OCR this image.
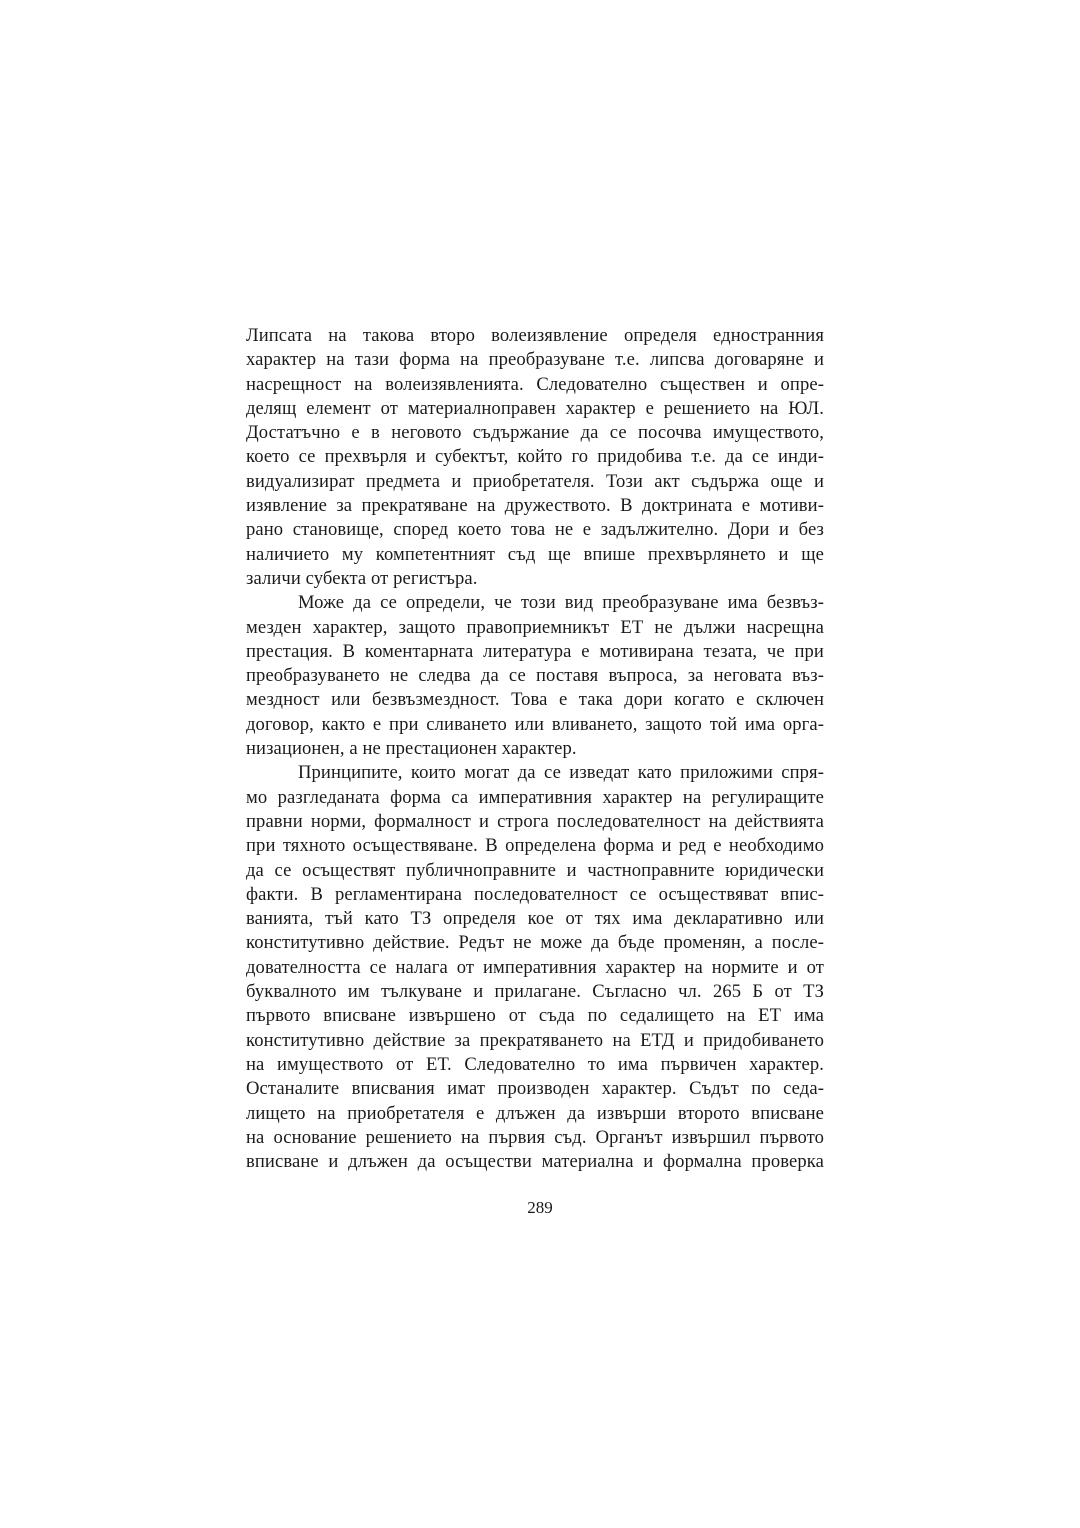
Липсата на такова второ волеизявление определя едностранния
характер на тази форма на преобразуване т.е. липсва договаряне и
насрещност на волеизявленията. Следователно съществен и опре-
делящ елемент от материалноправен характер е решението на ЮЛ.
Достатъчно е в неговото съдържание да се посочва имуществото,
което се прехвърля и субектът, който го придобива т.е. да се инди-
видуализират предмета и приобретателя. Този акт съдържа още и
изявление за прекратяване на дружеството. В доктрината е мотиви-
рано становище, според което това не е задължително. Дори и без
наличието му компетентният съд ще впише прехвърлянето и ще
заличи субекта от регистъра.
Може да се определи, че този вид преобразуване има безвъз-
мезден характер, защото правоприемникът ЕТ не дължи насрещна
престация. В коментарната литература е мотивирана тезата, че при
преобразуването не следва да се поставя въпроса, за неговата въз-
мездност или безвъзмездност. Това е така дори когато е сключен
договор, както е при сливането или вливането, защото той има орга-
низационен, а не престационен характер.
Принципите, които могат да се изведат като приложими спря-
мо разгледаната форма са императивния характер на регулиращите
правни норми, формалност и строга последователност на действията
при тяхното осъществяване. В определена форма и ред е необходимо
да се осъществят публичноправните и частноправните юридически
факти. В регламентирана последователност се осъществяват впис-
ванията, тъй като ТЗ определя кое от тях има декларативно или
конститутивно действие. Редът не може да бъде променян, а после-
дователността се налага от императивния характер на нормите и от
буквалното им тълкуване и прилагане. Съгласно чл. 265 Б от ТЗ
първото вписване извършено от съда по седалището на ЕТ има
конститутивно действие за прекратяването на ЕТД и придобиването
на имуществото от ЕТ. Следователно то има първичен характер.
Останалите вписвания имат производен характер. Съдът по седа-
лището на приобретателя е длъжен да извърши второто вписване
на основание решението на първия съд. Органът извършил първото
вписване и длъжен да осъществи материална и формална проверка
289
